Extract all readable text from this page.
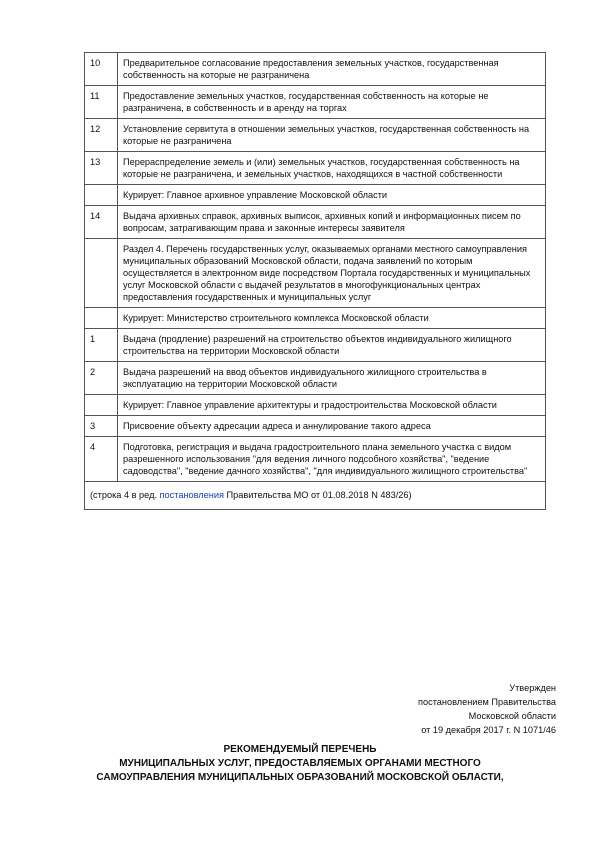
10	Предварительное согласование предоставления земельных участков, государственная собственность на которые не разграничена
11	Предоставление земельных участков, государственная собственность на которые не разграничена, в собственность и в аренду на торгах
12	Установление сервитута в отношении земельных участков, государственная собственность на которые не разграничена
13	Перераспределение земель и (или) земельных участков, государственная собственность на которые не разграничена, и земельных участков, находящихся в частной собственности
	Курирует: Главное архивное управление Московской области
14	Выдача архивных справок, архивных выписок, архивных копий и информационных писем по вопросам, затрагивающим права и законные интересы заявителя
	Раздел 4. Перечень государственных услуг, оказываемых органами местного самоуправления муниципальных образований Московской области, подача заявлений по которым осуществляется в электронном виде посредством Портала государственных и муниципальных услуг Московской области с выдачей результатов в многофункциональных центрах предоставления государственных и муниципальных услуг
	Курирует: Министерство строительного комплекса Московской области
1	Выдача (продление) разрешений на строительство объектов индивидуального жилищного строительства на территории Московской области
2	Выдача разрешений на ввод объектов индивидуального жилищного строительства в эксплуатацию на территории Московской области
	Курирует: Главное управление архитектуры и градостроительства Московской области
3	Присвоение объекту адресации адреса и аннулирование такого адреса
4	Подготовка, регистрация и выдача градостроительного плана земельного участка с видом разрешенного использования "для ведения личного подсобного хозяйства", "ведение садоводства", "ведение дачного хозяйства", "для индивидуального жилищного строительства"
(строка 4 в ред. постановления Правительства МО от 01.08.2018 N 483/26)	
Утвержден
постановлением Правительства
Московской области
от 19 декабря 2017 г. N 1071/46
РЕКОМЕНДУЕМЫЙ ПЕРЕЧЕНЬ
МУНИЦИПАЛЬНЫХ УСЛУГ, ПРЕДОСТАВЛЯЕМЫХ ОРГАНАМИ МЕСТНОГО
САМОУПРАВЛЕНИЯ МУНИЦИПАЛЬНЫХ ОБРАЗОВАНИЙ МОСКОВСКОЙ ОБЛАСТИ,
